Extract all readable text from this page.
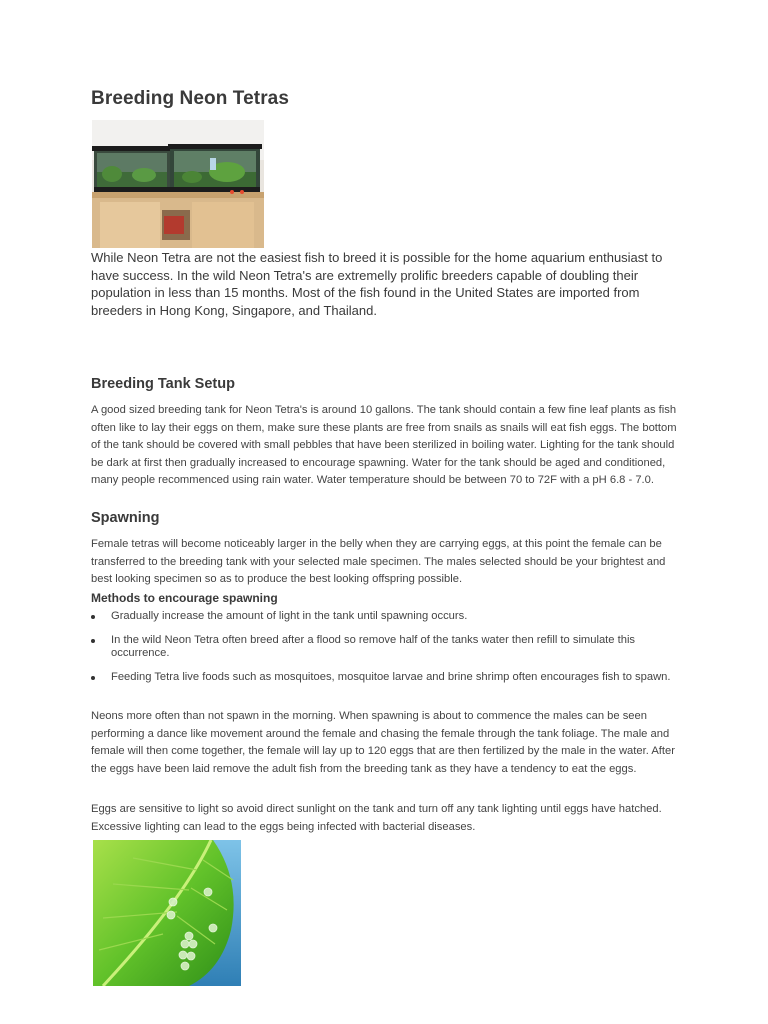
Breeding Neon Tetras

While Neon Tetra are not the easiest fish to breed it is possible for the home aquarium enthusiast to have success. In the wild Neon Tetra's are extremelly prolific breeders capable of doubling their population in less than 15 months. Most of the fish found in the United States are imported from breeders in Hong Kong, Singapore, and Thailand.

Breeding Tank Setup

A good sized breeding tank for Neon Tetra's is around 10 gallons. The tank should contain a few fine leaf plants as fish often like to lay their eggs on them, make sure these plants are free from snails as snails will eat fish eggs. The bottom of the tank should be covered with small pebbles that have been sterilized in boiling water. Lighting for the tank should be dark at first then gradually increased to encourage spawning. Water for the tank should be aged and conditioned, many people recommenced using rain water. Water temperature should be between 70 to 72F with a pH 6.8 - 7.0.

Spawning

Female tetras will become noticeably larger in the belly when they are carrying eggs, at this point the female can be transferred to the breeding tank with your selected male specimen. The males selected should be your brightest and best looking specimen so as to produce the best looking offspring possible.

Methods to encourage spawning
Gradually increase the amount of light in the tank until spawning occurs.
In the wild Neon Tetra often breed after a flood so remove half of the tanks water then refill to simulate this occurrence.
Feeding Tetra live foods such as mosquitoes, mosquitoe larvae and brine shrimp often encourages fish to spawn.

Neons more often than not spawn in the morning. When spawning is about to commence the males can be seen performing a dance like movement around the female and chasing the female through the tank foliage. The male and female will then come together, the female will lay up to 120 eggs that are then fertilized by the male in the water. After the eggs have been laid remove the adult fish from the breeding tank as they have a tendency to eat the eggs.

Eggs are sensitive to light so avoid direct sunlight on the tank and turn off any tank lighting until eggs have hatched. Excessive lighting can lead to the eggs being infected with bacterial diseases.
